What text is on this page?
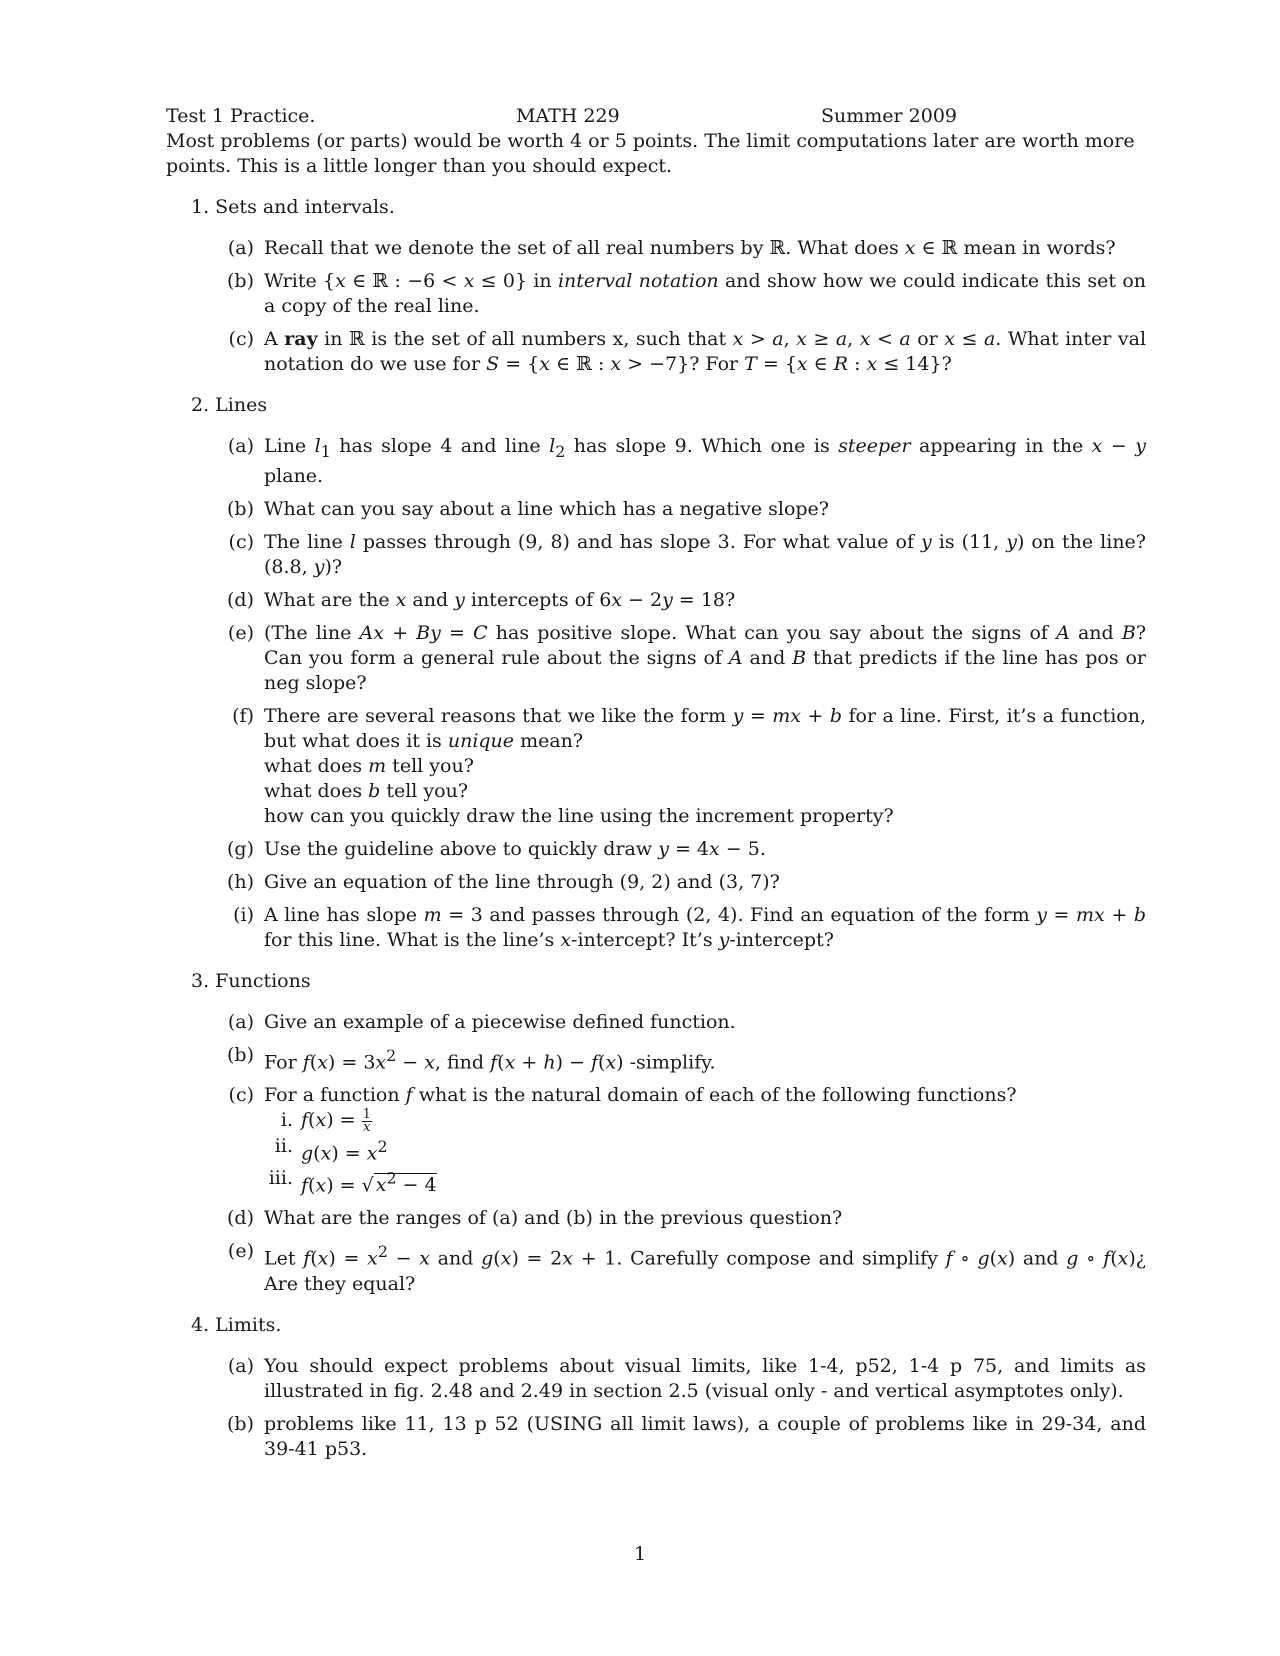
Test 1 Practice.	MATH 229	Summer 2009

Most problems (or parts) would be worth 4 or 5 points. The limit computations later are worth more points. This is a little longer than you should expect.

1. Sets and intervals.
(a) Recall that we denote the set of all real numbers by ℝ. What does x ∈ ℝ mean in words?
(b) Write {x ∈ ℝ : −6 < x ≤ 0} in interval notation and show how we could indicate this set on a copy of the real line.
(c) A ray in ℝ is the set of all numbers x, such that x > a, x ≥ a, x < a or x ≤ a. What inter val notation do we use for S = {x ∈ ℝ : x > −7}? For T = {x ∈ R : x ≤ 14}?
2. Lines
(a) Line $l_1$ has slope 4 and line $l_2$ has slope 9. Which one is steeper appearing in the x − y plane.
(b) What can you say about a line which has a negative slope?
(c) The line l passes through (9, 8) and has slope 3. For what value of y is (11, y) on the line? (8.8, y)?
(d) What are the x and y intercepts of 6x − 2y = 18?
(e) (The line Ax + By = C has positive slope. What can you say about the signs of A and B? Can you form a general rule about the signs of A and B that predicts if the line has pos or neg slope?
(f) There are several reasons that we like the form y = mx + b for a line. First, it’s a function, but what does it is unique mean?
what does m tell you?
what does b tell you?
how can you quickly draw the line using the increment property?
(g) Use the guideline above to quickly draw y = 4x − 5.
(h) Give an equation of the line through (9, 2) and (3, 7)?
(i) A line has slope m = 3 and passes through (2, 4). Find an equation of the form y = mx + b for this line. What is the line’s x-intercept? It’s y-intercept?
3. Functions
(a) Give an example of a piecewise defined function.
(b) For $f(x) = 3x^2 - x$, find f(x + h) − f(x) -simplify.
(c) For a function f what is the natural domain of each of the following functions?
i. $f(x) = \frac{1}{x}$
ii. $g(x) = x^2$
iii. f(x) = √ $x^2 - 4$
(d) What are the ranges of (a) and (b) in the previous question?
(e) Let $f(x) = x^2 - x$ and g(x) = 2x + 1. Carefully compose and simplify f ∘ g(x) and g ∘ f(x)¿ Are they equal?
4. Limits.
(a) You should expect problems about visual limits, like 1-4, p52, 1-4 p 75, and limits as illustrated in fig. 2.48 and 2.49 in section 2.5 (visual only - and vertical asymptotes only).
(b) problems like 11, 13 p 52 (USING all limit laws), a couple of problems like in 29-34, and 39-41 p53.
1
